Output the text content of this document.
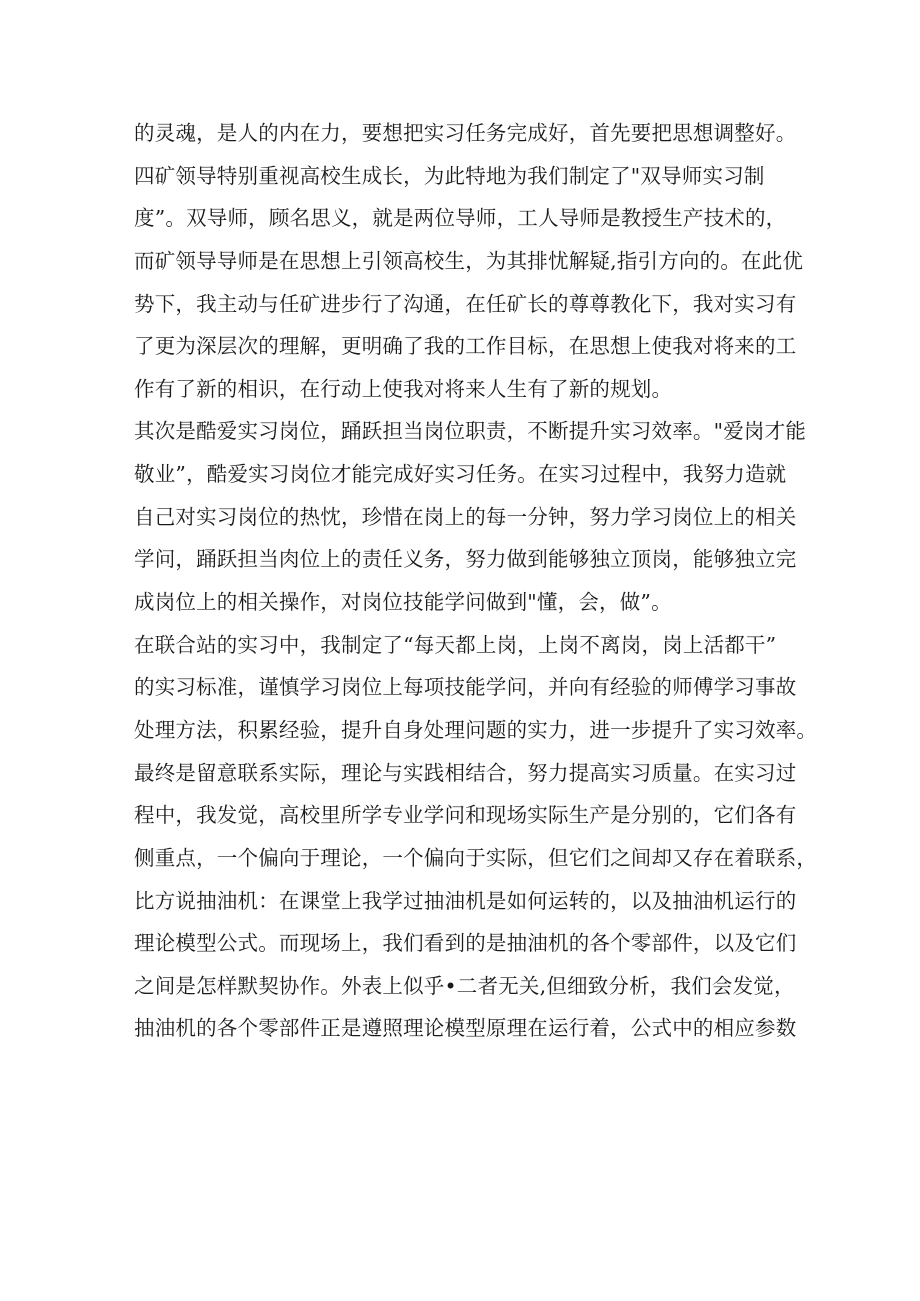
的灵魂，是人的内在力，要想把实习任务完成好，首先要把思想调整好。
四矿领导特别重视高校生成长，为此特地为我们制定了"双导师实习制
度”。双导师，顾名思义，就是两位导师，工人导师是教授生产技术的，
而矿领导导师是在思想上引领高校生，为其排忧解疑,指引方向的。在此优
势下，我主动与任矿进步行了沟通，在任矿长的尊尊教化下，我对实习有
了更为深层次的理解，更明确了我的工作目标，在思想上使我对将来的工
作有了新的相识，在行动上使我对将来人生有了新的规划。
其次是酷爱实习岗位，踊跃担当岗位职责，不断提升实习效率。"爱岗才能
敬业”，酷爱实习岗位才能完成好实习任务。在实习过程中，我努力造就
自己对实习岗位的热忱，珍惜在岗上的每一分钟，努力学习岗位上的相关
学问，踊跃担当肉位上的责任义务，努力做到能够独立顶岗，能够独立完
成岗位上的相关操作，对岗位技能学问做到"懂，会，做”。
在联合站的实习中，我制定了“每天都上岗，上岗不离岗，岗上活都干”
的实习标准，谨慎学习岗位上每项技能学问，并向有经验的师傅学习事故
处理方法，积累经验，提升自身处理问题的实力，进一步提升了实习效率。
最终是留意联系实际，理论与实践相结合，努力提高实习质量。在实习过
程中，我发觉，高校里所学专业学问和现场实际生产是分别的，它们各有
侧重点，一个偏向于理论，一个偏向于实际，但它们之间却又存在着联系，
比方说抽油机：在课堂上我学过抽油机是如何运转的，以及抽油机运行的
理论模型公式。而现场上，我们看到的是抽油机的各个零部件，以及它们
之间是怎样默契协作。外表上似乎•二者无关,但细致分析，我们会发觉，
抽油机的各个零部件正是遵照理论模型原理在运行着，公式中的相应参数
